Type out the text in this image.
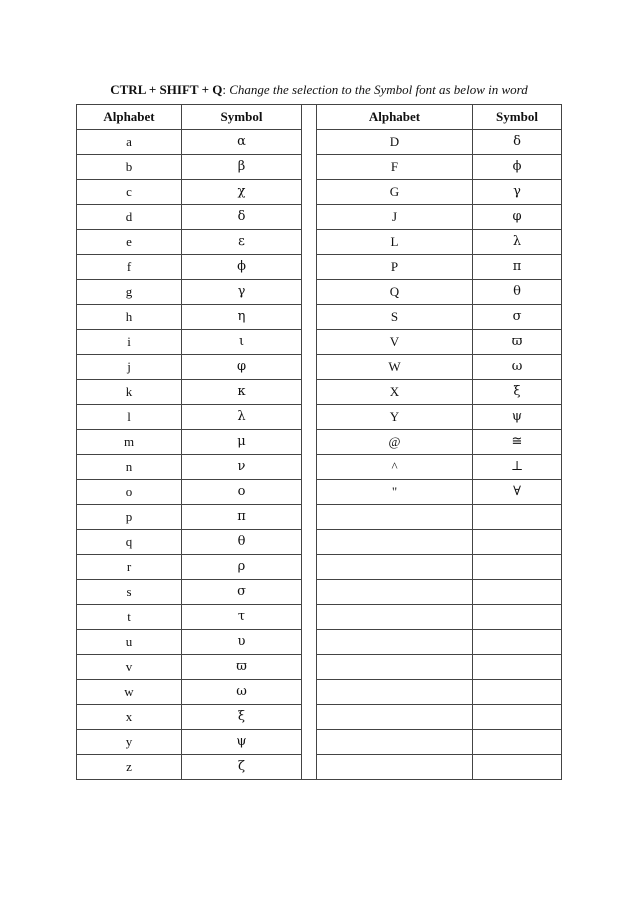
CTRL + SHIFT + Q: Change the selection to the Symbol font as below in word
Alphabet	Symbol		Alphabet	Symbol
a	α		D	δ
b	β		F	ϕ
c	χ		G	γ
d	δ		J	φ
e	ε		L	λ
f	ϕ		P	π
g	γ		Q	θ
h	η		S	σ
i	ι		V	ϖ
j	φ		W	ω
k	κ		X	ξ
l	λ		Y	ψ
m	μ		@	≅
n	ν		^	⊥
o	ο		"	∀
p	π			
q	θ			
r	ρ			
s	σ			
t	τ			
u	υ			
v	ϖ			
w	ω			
x	ξ			
y	ψ			
z	ζ			
